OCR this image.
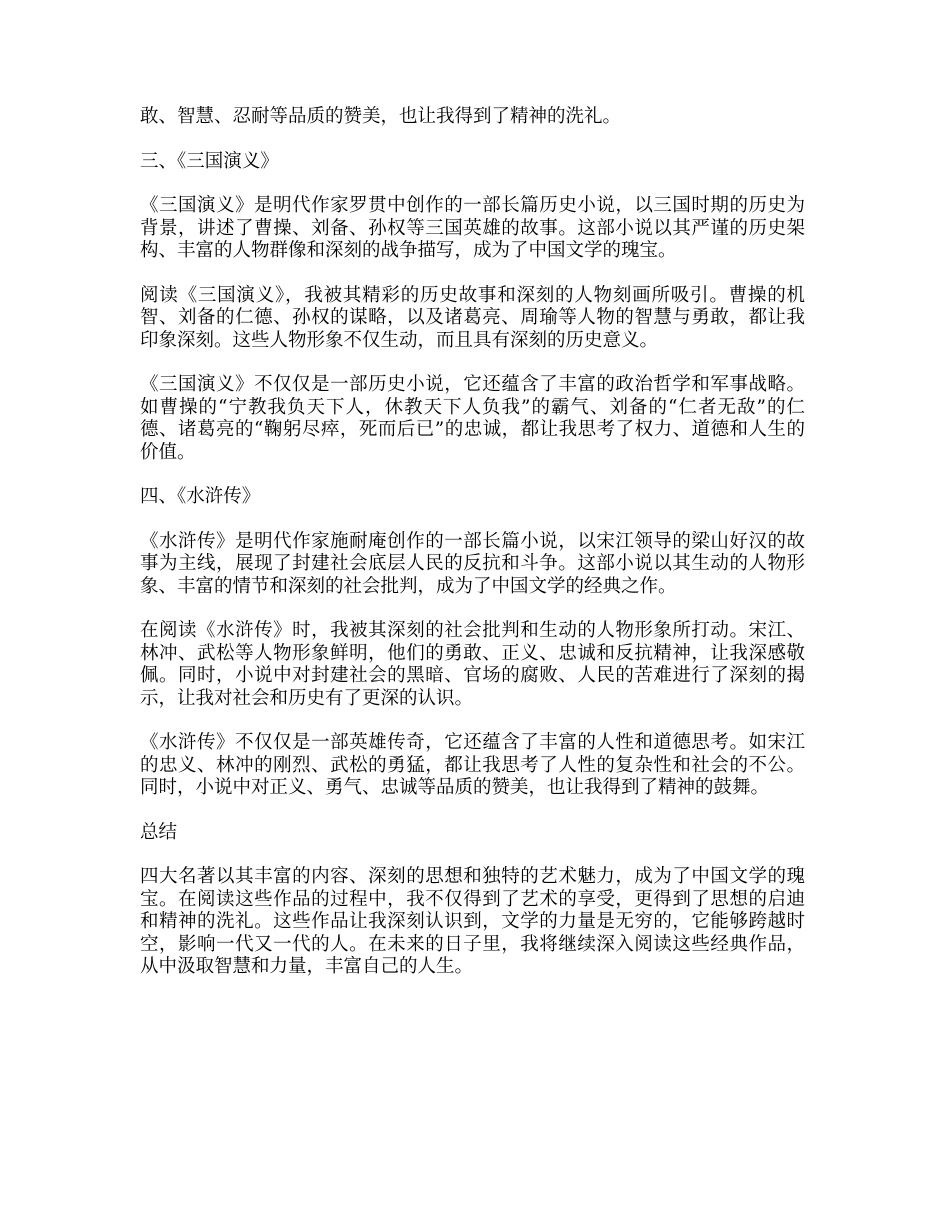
敢、智慧、忍耐等品质的赞美，也让我得到了精神的洗礼。

三、《三国演义》

《三国演义》是明代作家罗贯中创作的一部长篇历史小说，以三国时期的历史为背景，讲述了曹操、刘备、孙权等三国英雄的故事。这部小说以其严谨的历史架构、丰富的人物群像和深刻的战争描写，成为了中国文学的瑰宝。

阅读《三国演义》，我被其精彩的历史故事和深刻的人物刻画所吸引。曹操的机智、刘备的仁德、孙权的谋略，以及诸葛亮、周瑜等人物的智慧与勇敢，都让我印象深刻。这些人物形象不仅生动，而且具有深刻的历史意义。

《三国演义》不仅仅是一部历史小说，它还蕴含了丰富的政治哲学和军事战略。如曹操的“宁教我负天下人，休教天下人负我”的霸气、刘备的“仁者无敌”的仁德、诸葛亮的“鞠躬尽瘁，死而后已”的忠诚，都让我思考了权力、道德和人生的价值。

四、《水浒传》

《水浒传》是明代作家施耐庵创作的一部长篇小说，以宋江领导的梁山好汉的故事为主线，展现了封建社会底层人民的反抗和斗争。这部小说以其生动的人物形象、丰富的情节和深刻的社会批判，成为了中国文学的经典之作。

在阅读《水浒传》时，我被其深刻的社会批判和生动的人物形象所打动。宋江、林冲、武松等人物形象鲜明，他们的勇敢、正义、忠诚和反抗精神，让我深感敬佩。同时，小说中对封建社会的黑暗、官场的腐败、人民的苦难进行了深刻的揭示，让我对社会和历史有了更深的认识。

《水浒传》不仅仅是一部英雄传奇，它还蕴含了丰富的人性和道德思考。如宋江的忠义、林冲的刚烈、武松的勇猛，都让我思考了人性的复杂性和社会的不公。同时，小说中对正义、勇气、忠诚等品质的赞美，也让我得到了精神的鼓舞。

总结

四大名著以其丰富的内容、深刻的思想和独特的艺术魅力，成为了中国文学的瑰宝。在阅读这些作品的过程中，我不仅得到了艺术的享受，更得到了思想的启迪和精神的洗礼。这些作品让我深刻认识到，文学的力量是无穷的，它能够跨越时空，影响一代又一代的人。在未来的日子里，我将继续深入阅读这些经典作品，从中汲取智慧和力量，丰富自己的人生。
